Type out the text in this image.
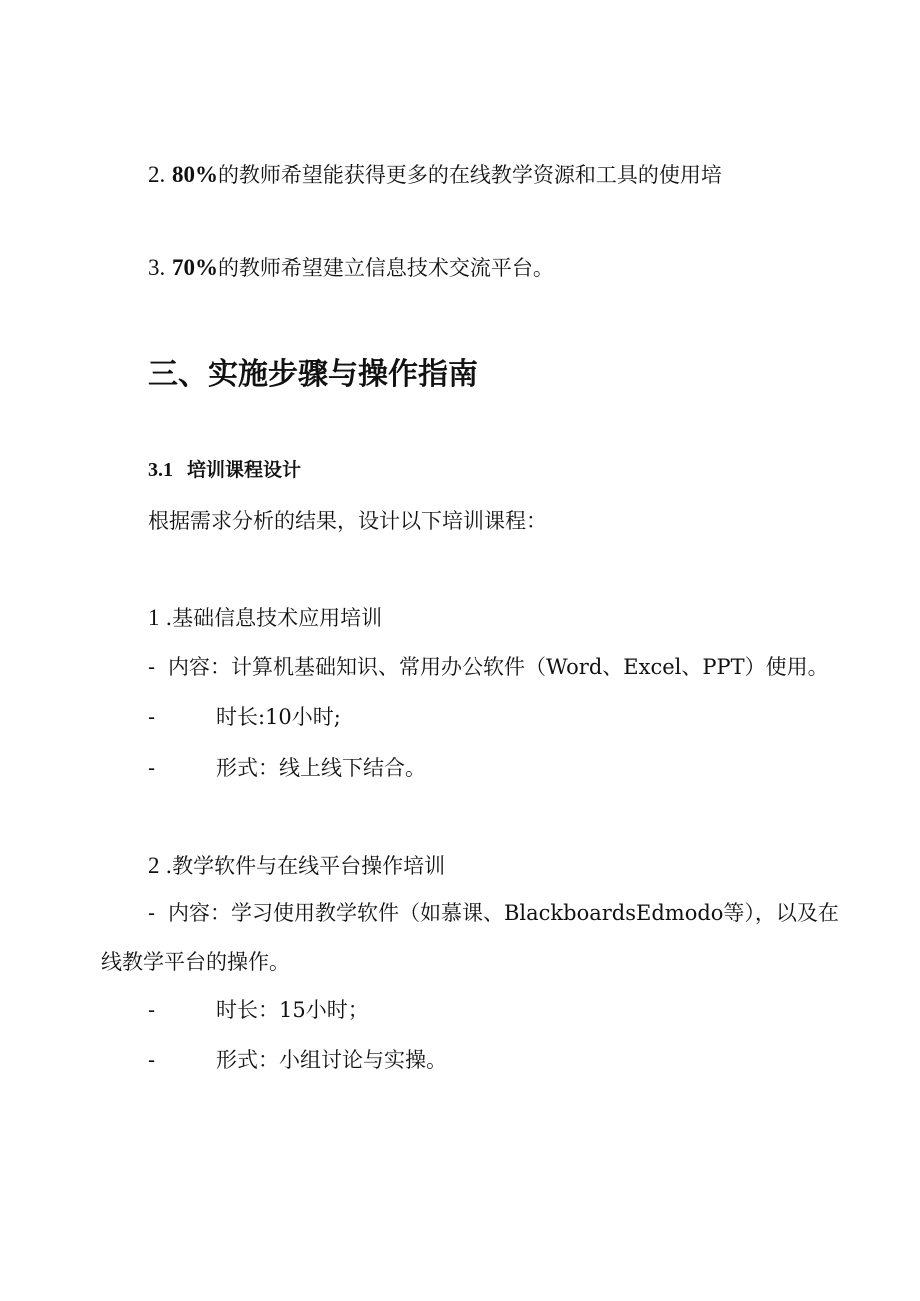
2. 80%的教师希望能获得更多的在线教学资源和工具的使用培
3. 70%的教师希望建立信息技术交流平台。
三、实施步骤与操作指南
3.1 培训课程设计
根据需求分析的结果，设计以下培训课程：
1 .基础信息技术应用培训
- 内容：计算机基础知识、常用办公软件（Word、Excel、PPT）使用。
-	时长:10小时;
-	形式：线上线下结合。
2 .教学软件与在线平台操作培训
- 内容：学习使用教学软件（如慕课、BlackboardsEdmodo等），以及在
线教学平台的操作。
-	时长：15小时；
-	形式：小组讨论与实操。
